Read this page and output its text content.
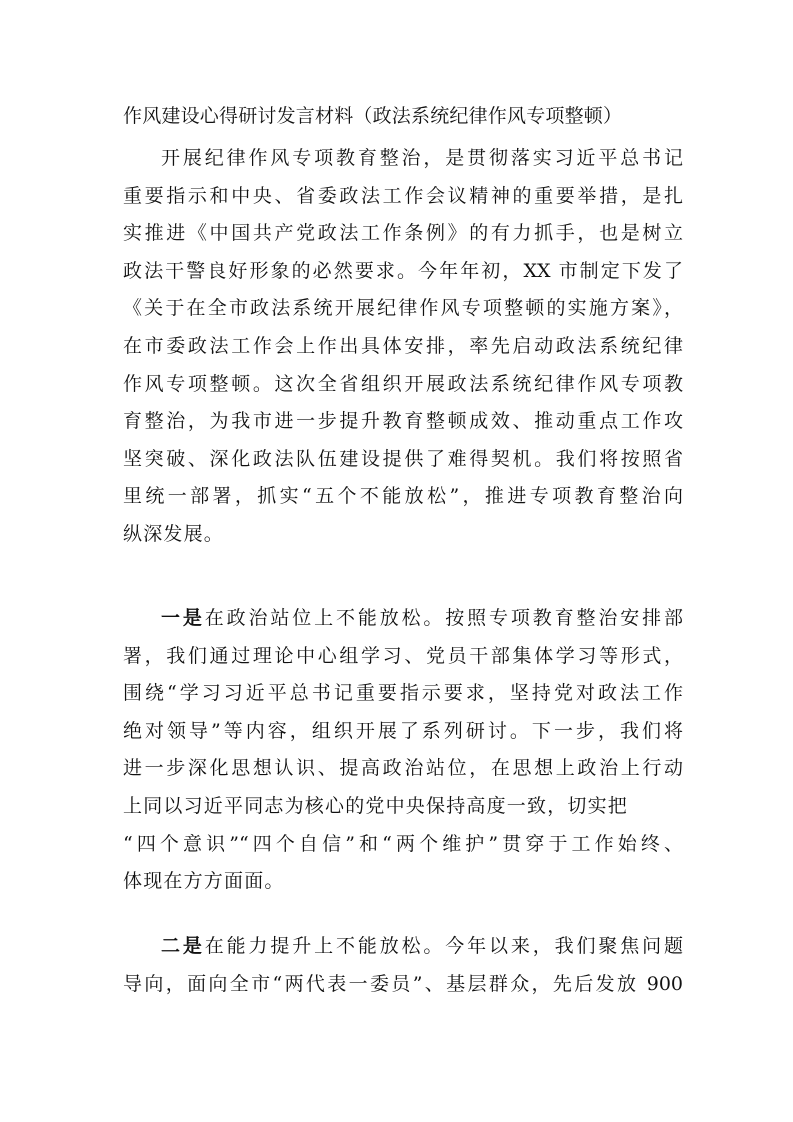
作风建设心得研讨发言材料（政法系统纪律作风专项整顿）
开展纪律作风专项教育整治，是贯彻落实习近平总书记
重要指示和中央、省委政法工作会议精神的重要举措，是扎
实推进《中国共产党政法工作条例》的有力抓手，也是树立
政法干警良好形象的必然要求。今年年初，XX 市制定下发了
《关于在全市政法系统开展纪律作风专项整顿的实施方案》，
在市委政法工作会上作出具体安排，率先启动政法系统纪律
作风专项整顿。这次全省组织开展政法系统纪律作风专项教
育整治，为我市进一步提升教育整顿成效、推动重点工作攻
坚突破、深化政法队伍建设提供了难得契机。我们将按照省
里统一部署，抓实“五个不能放松”，推进专项教育整治向
纵深发展。
一是在政治站位上不能放松。按照专项教育整治安排部
署，我们通过理论中心组学习、党员干部集体学习等形式，
围绕“学习习近平总书记重要指示要求，坚持党对政法工作
绝对领导”等内容，组织开展了系列研讨。下一步，我们将
进一步深化思想认识、提高政治站位，在思想上政治上行动
上同以习近平同志为核心的党中央保持高度一致，切实把
“四个意识”“四个自信”和“两个维护”贯穿于工作始终、
体现在方方面面。
二是在能力提升上不能放松。今年以来，我们聚焦问题
导向，面向全市“两代表一委员”、基层群众，先后发放 900
